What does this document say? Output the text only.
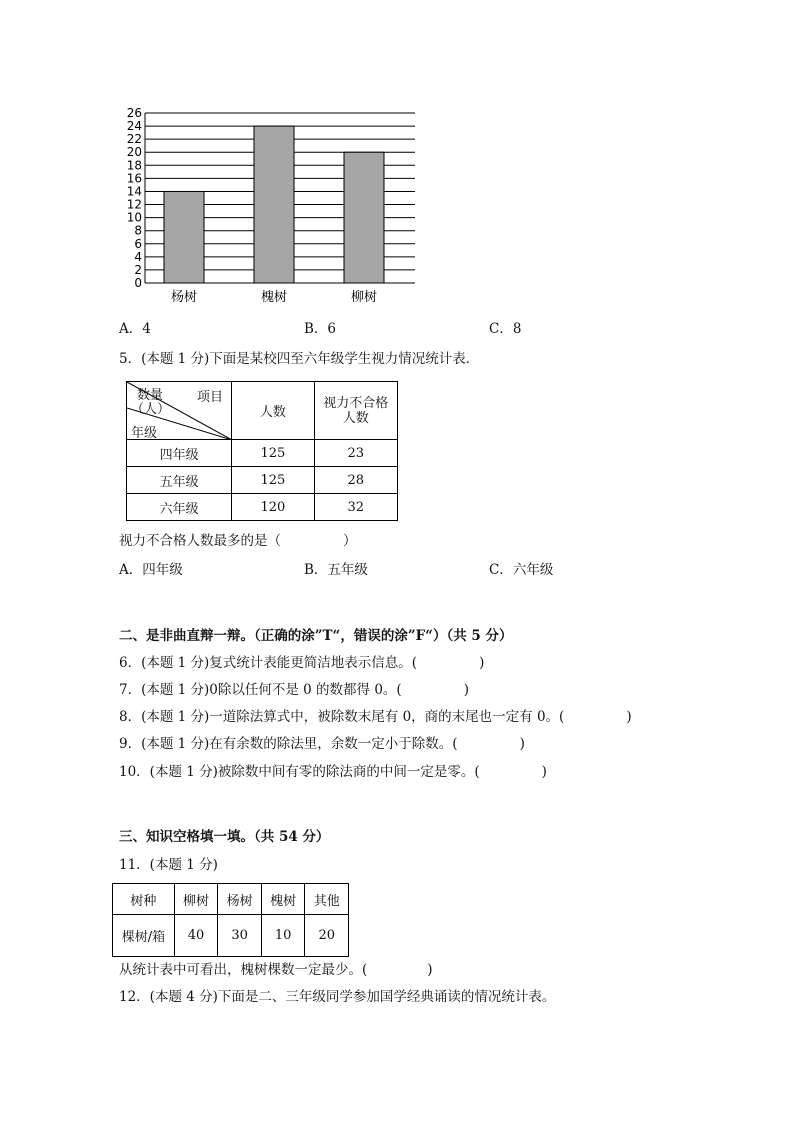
0
2
4
6
8
10
12
14
16
18
20
22
24
26
杨树	槐树	柳树
A．4	B．6	C．8
5．(本题 1 分)下面是某校四至六年级学生视力情况统计表．
项目
数量
（人）
年级	人数	视力不合格
人数
四年级	125	23
五年级	125	28
六年级	120	32
视力不合格人数最多的是（	）
A．四年级	B．五年级	C．六年级
二、是非曲直辩一辩。（正确的涂”T“，错误的涂”F“）（共 5 分）
6．(本题 1 分)复式统计表能更简洁地表示信息。(	)
7．(本题 1 分)0除以任何不是 0 的数都得 0。(	)
8．(本题 1 分)一道除法算式中，被除数末尾有 0，商的末尾也一定有 0。(	)
9．(本题 1 分)在有余数的除法里，余数一定小于除数。(	)
10．(本题 1 分)被除数中间有零的除法商的中间一定是零。(	)
三、知识空格填一填。（共 54 分）
11．(本题 1 分)
树种	柳树	杨树	槐树	其他
棵树/箱	40	30	10	20
从统计表中可看出，槐树棵数一定最少。(	)
12．(本题 4 分)下面是二、三年级同学参加国学经典诵读的情况统计表。
